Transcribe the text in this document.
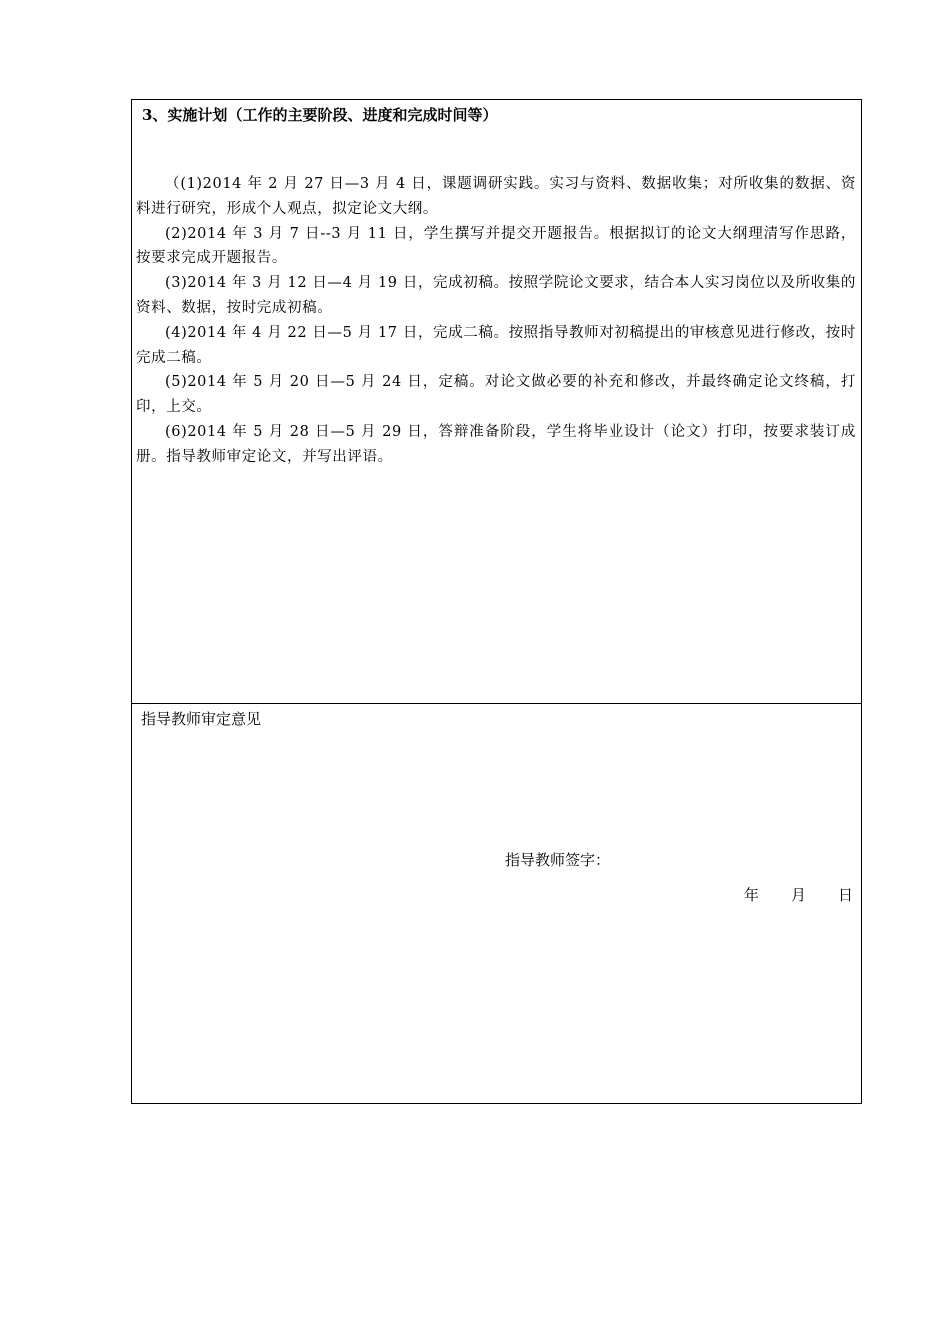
3、实施计划（工作的主要阶段、进度和完成时间等）

（(1)2014 年 2 月 27 日—3 月 4 日，课题调研实践。实习与资料、数据收集；对所收集的数据、资料进行研究，形成个人观点，拟定论文大纲。

(2)2014 年 3 月 7 日--3 月 11 日，学生撰写并提交开题报告。根据拟订的论文大纲理清写作思路，按要求完成开题报告。

(3)2014 年 3 月 12 日—4 月 19 日，完成初稿。按照学院论文要求，结合本人实习岗位以及所收集的资料、数据，按时完成初稿。

(4)2014 年 4 月 22 日—5 月 17 日，完成二稿。按照指导教师对初稿提出的审核意见进行修改，按时完成二稿。

(5)2014 年 5 月 20 日—5 月 24 日，定稿。对论文做必要的补充和修改，并最终确定论文终稿，打印，上交。

(6)2014 年 5 月 28 日—5 月 29 日，答辩准备阶段，学生将毕业设计（论文）打印，按要求装订成册。指导教师审定论文，并写出评语。

指导教师审定意见
指导教师签字：
年 月 日
